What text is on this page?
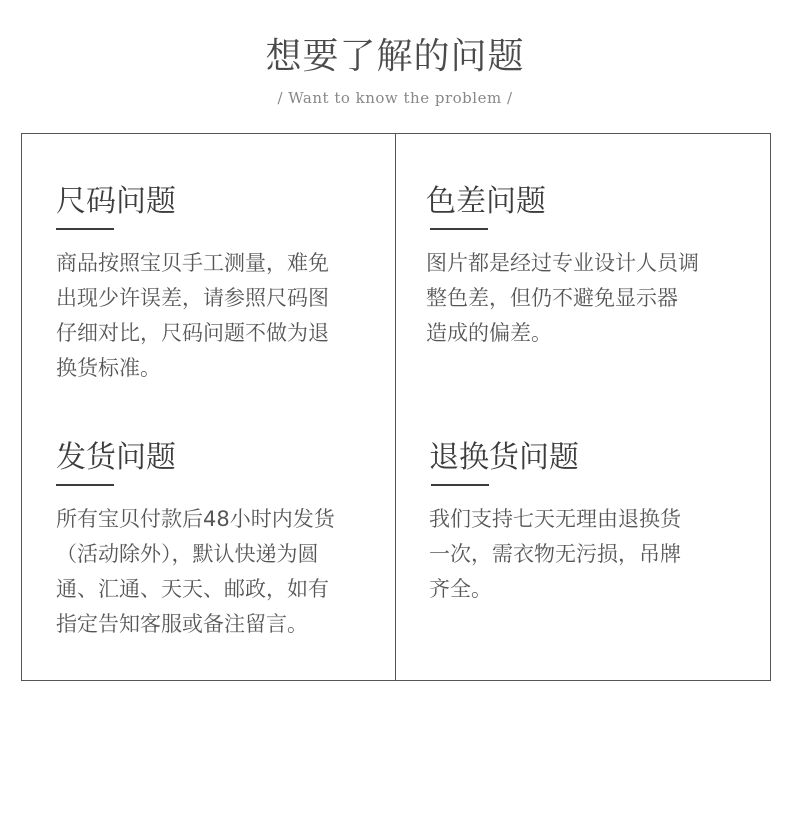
想要了解的问题
/ Want to know the problem /
尺码问题
商品按照宝贝手工测量，难免
出现少许误差，请参照尺码图
仔细对比，尺码问题不做为退
换货标准。
色差问题
图片都是经过专业设计人员调
整色差，但仍不避免显示器
造成的偏差。
发货问题
所有宝贝付款后48小时内发货
（活动除外），默认快递为圆
通、汇通、天天、邮政，如有
指定告知客服或备注留言。
退换货问题
我们支持七天无理由退换货
一次，需衣物无污损，吊牌
齐全。
